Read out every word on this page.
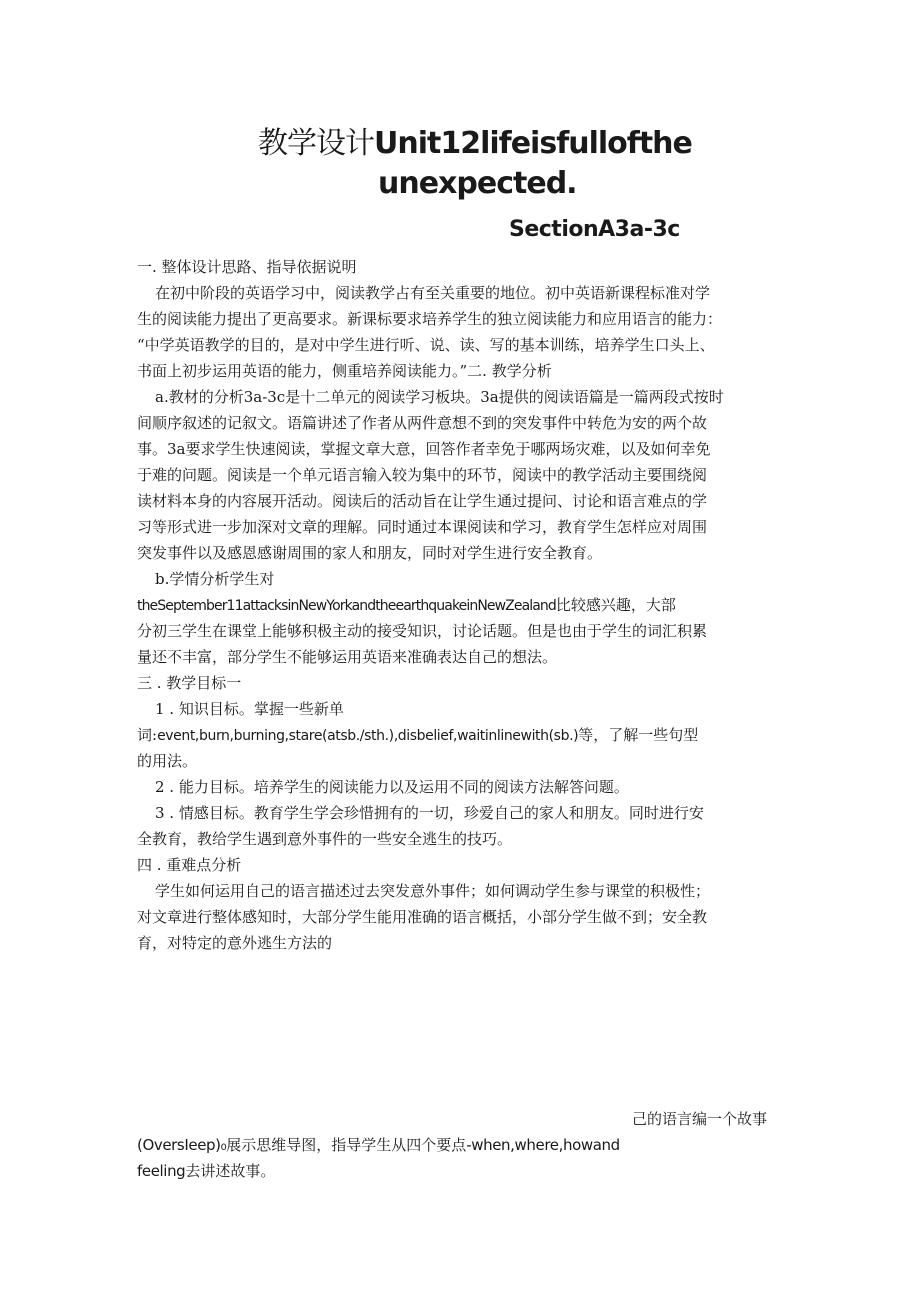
教学设计Unit12lifeisfullofthe
unexpected.
SectionA3a-3c
一. 整体设计思路、指导依据说明
在初中阶段的英语学习中，阅读教学占有至关重要的地位。初中英语新课程标准对学
生的阅读能力提出了更高要求。新课标要求培养学生的独立阅读能力和应用语言的能力：
“中学英语教学的目的，是对中学生进行听、说、读、写的基本训练，培养学生口头上、
书面上初步运用英语的能力，侧重培养阅读能力。”二. 教学分析
a.教材的分析3a-3c是十二单元的阅读学习板块。3a提供的阅读语篇是一篇两段式按时
间顺序叙述的记叙文。语篇讲述了作者从两件意想不到的突发事件中转危为安的两个故
事。3a要求学生快速阅读，掌握文章大意，回答作者幸免于哪两场灾难，以及如何幸免
于难的问题。阅读是一个单元语言输入较为集中的环节，阅读中的教学活动主要围绕阅
读材料本身的内容展开活动。阅读后的活动旨在让学生通过提问、讨论和语言难点的学
习等形式进一步加深对文章的理解。同时通过本课阅读和学习，教育学生怎样应对周围
突发事件以及感恩感谢周围的家人和朋友，同时对学生进行安全教育。
b.学情分析学生对
theSeptember11attacksinNewYorkandtheearthquakeinNewZealand比较感兴趣，大部
分初三学生在课堂上能够积极主动的接受知识，讨论话题。但是也由于学生的词汇积累
量还不丰富，部分学生不能够运用英语来准确表达自己的想法。
三 . 教学目标一
1 . 知识目标。掌握一些新单
词:event,burn,burning,stare(atsb./sth.)‚disbelief,waitinlinewith(sb.)等，了解一些句型
的用法。
2 . 能力目标。培养学生的阅读能力以及运用不同的阅读方法解答问题。
3 . 情感目标。教育学生学会珍惜拥有的一切，珍爱自己的家人和朋友。同时进行安
全教育，教给学生遇到意外事件的一些安全逃生的技巧。
四 . 重难点分析
学生如何运用自己的语言描述过去突发意外事件；如何调动学生参与课堂的积极性；
对文章进行整体感知时，大部分学生能用准确的语言概括，小部分学生做不到；安全教
育，对特定的意外逃生方法的
己的语言编一个故事
(OversIeep)₀展示思维导图，指导学生从四个要点-when,where,howand
feeling去讲述故事。
